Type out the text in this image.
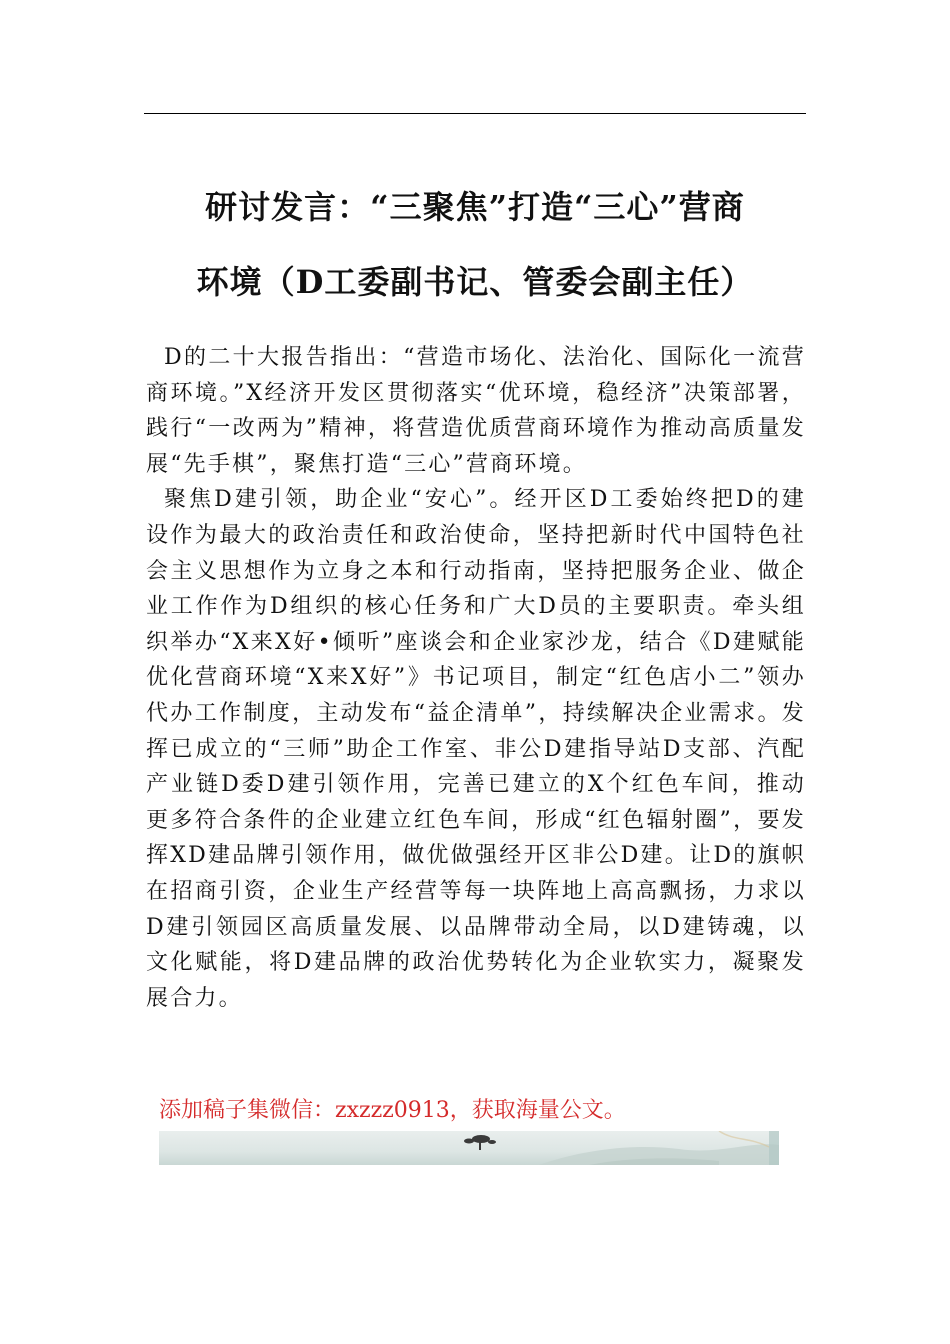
研讨发言：“三聚焦”打造“三心”营商
环境（D工委副书记、管委会副主任）

D的二十大报告指出：“营造市场化、法治化、国际化一流营商环境。”X经济开发区贯彻落实“优环境，稳经济”决策部署，践行“一改两为”精神，将营造优质营商环境作为推动高质量发展“先手棋”，聚焦打造“三心”营商环境。

聚焦D建引领，助企业“安心”。经开区D工委始终把D的建设作为最大的政治责任和政治使命，坚持把新时代中国特色社会主义思想作为立身之本和行动指南，坚持把服务企业、做企业工作作为D组织的核心任务和广大D员的主要职责。牵头组织举办“X来X好•倾听”座谈会和企业家沙龙，结合《D建赋能优化营商环境“X来X好”》书记项目，制定“红色店小二”领办代办工作制度，主动发布“益企清单”，持续解决企业需求。发挥已成立的“三师”助企工作室、非公D建指导站D支部、汽配产业链D委D建引领作用，完善已建立的X个红色车间，推动更多符合条件的企业建立红色车间，形成“红色辐射圈”，要发挥XD建品牌引领作用，做优做强经开区非公D建。让D的旗帜在招商引资，企业生产经营等每一块阵地上高高飘扬，力求以D建引领园区高质量发展、以品牌带动全局，以D建铸魂，以文化赋能，将D建品牌的政治优势转化为企业软实力，凝聚发展合力。

添加稿子集微信：zxzzz0913，获取海量公文。
